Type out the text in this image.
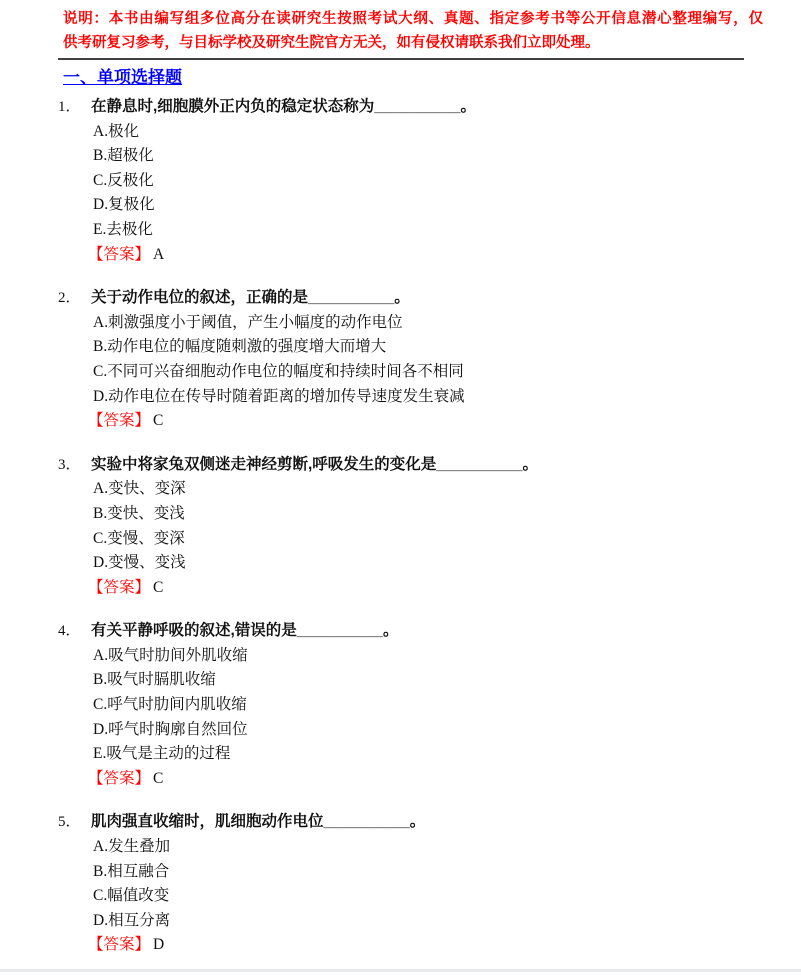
说明：本书由编写组多位高分在读研究生按照考试大纲、真题、指定参考书等公开信息潜心整理编写，仅
供考研复习参考，与目标学校及研究生院官方无关，如有侵权请联系我们立即处理。
一、单项选择题
1． 在静息时,细胞膜外正内负的稳定状态称为__________。
A.极化
B.超极化
C.反极化
D.复极化
E.去极化
【答案】 A
2． 关于动作电位的叙述，正确的是__________。
A.刺激强度小于阈值，产生小幅度的动作电位
B.动作电位的幅度随刺激的强度增大而增大
C.不同可兴奋细胞动作电位的幅度和持续时间各不相同
D.动作电位在传导时随着距离的增加传导速度发生衰减
【答案】 C
3． 实验中将家兔双侧迷走神经剪断,呼吸发生的变化是__________。
A.变快、变深
B.变快、变浅
C.变慢、变深
D.变慢、变浅
【答案】 C
4． 有关平静呼吸的叙述,错误的是__________。
A.吸气时肋间外肌收缩
B.吸气时膈肌收缩
C.呼气时肋间内肌收缩
D.呼气时胸廓自然回位
E.吸气是主动的过程
【答案】 C
5． 肌肉强直收缩时，肌细胞动作电位__________。
A.发生叠加
B.相互融合
C.幅值改变
D.相互分离
【答案】 D
